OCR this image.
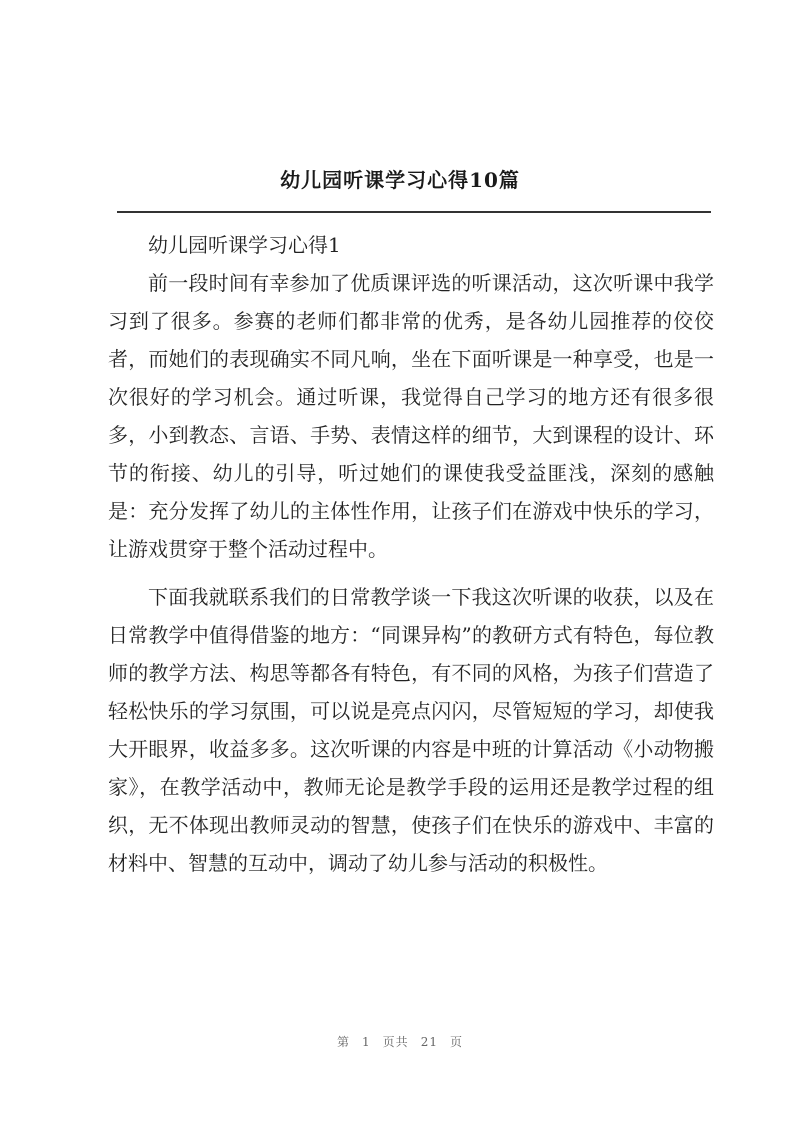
幼儿园听课学习心得10篇

幼儿园听课学习心得1

前一段时间有幸参加了优质课评选的听课活动，这次听课中我学习到了很多。参赛的老师们都非常的优秀，是各幼儿园推荐的佼佼者，而她们的表现确实不同凡响，坐在下面听课是一种享受，也是一次很好的学习机会。通过听课，我觉得自己学习的地方还有很多很多，小到教态、言语、手势、表情这样的细节，大到课程的设计、环节的衔接、幼儿的引导，听过她们的课使我受益匪浅，深刻的感触是：充分发挥了幼儿的主体性作用，让孩子们在游戏中快乐的学习，让游戏贯穿于整个活动过程中。

下面我就联系我们的日常教学谈一下我这次听课的收获，以及在日常教学中值得借鉴的地方：“同课异构”的教研方式有特色，每位教师的教学方法、构思等都各有特色，有不同的风格，为孩子们营造了轻松快乐的学习氛围，可以说是亮点闪闪，尽管短短的学习，却使我大开眼界，收益多多。这次听课的内容是中班的计算活动《小动物搬家》，在教学活动中，教师无论是教学手段的运用还是教学过程的组织，无不体现出教师灵动的智慧，使孩子们在快乐的游戏中、丰富的材料中、智慧的互动中，调动了幼儿参与活动的积极性。

第 1 页共 21 页
